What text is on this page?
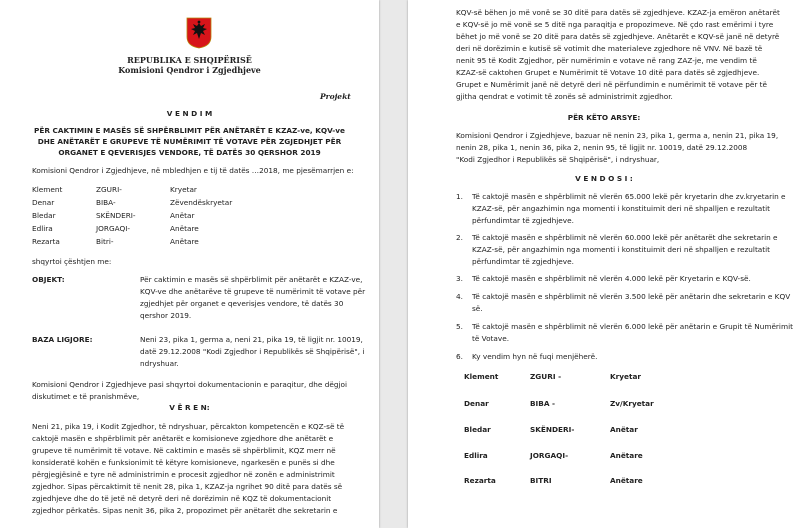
REPUBLIKA E SHQIPËRISË
Komisioni Qendror i Zgjedhjeve
Projekt
V E N D I M
PËR CAKTIMIN E MASËS SË SHPËRBLIMIT PËR ANËTARËT E KZAZ-ve, KQV-ve
DHE ANËTARËT E GRUPEVE TË NUMËRIMIT TË VOTAVE PËR ZGJEDHJET PËR
ORGANET E QEVERISJES VENDORE, TË DATËS 30 QERSHOR 2019
Komisioni Qendror i Zgjedhjeve, në mbledhjen e tij të datës …2018, me pjesëmarrjen e:
Klement	ZGURI-	Kryetar
Denar	BIBA-	Zëvendëskryetar
Bledar	SKËNDERI-	Anëtar
Edlira	JORGAQI-	Anëtare
Rezarta	Bitri-	Anëtare
shqyrtoi çështjen me:
OBJEKT:	Për caktimin e masës së shpërblimit për anëtarët e KZAZ-ve,
KQV-ve dhe anëtarëve të grupeve të numërimit të votave për
zgjedhjet për organet e qeverisjes vendore, të datës 30
qershor 2019.
BAZA LIGJORE:	Neni 23, pika 1, germa a, neni 21, pika 19, të ligjit nr. 10019,
datë 29.12.2008 "Kodi Zgjedhor i Republikës së Shqipërisë", i
ndryshuar.
Komisioni Qendror i Zgjedhjeve pasi shqyrtoi dokumentacionin e paraqitur, dhe dëgjoi
diskutimet e të pranishmëve,
V Ë R E N:
Neni 21, pika 19, i Kodit Zgjedhor, të ndryshuar, përcakton kompetencën e KQZ-së të
caktojë masën e shpërblimit për anëtarët e komisioneve zgjedhore dhe anëtarët e
grupeve të numërimit të votave. Në caktimin e masës së shpërblimit, KQZ merr në
konsideratë kohën e funksionimit të këtyre komisioneve, ngarkesën e punës si dhe
përgjegjësinë e tyre në administrimin e procesit zgjedhor në zonën e administrimit
zgjedhor. Sipas përcaktimit të nenit 28, pika 1, KZAZ-ja ngrihet 90 ditë para datës së
zgjedhjeve dhe do të jetë në detyrë deri në dorëzimin në KQZ të dokumentacionit
zgjedhor përkatës. Sipas nenit 36, pika 2, propozimet për anëtarët dhe sekretarin e
KQV-së bëhen jo më vonë se 30 ditë para datës së zgjedhjeve. KZAZ-ja emëron anëtarët
e KQV-së jo më vonë se 5 ditë nga paraqitja e propozimeve. Në çdo rast emërimi i tyre
bëhet jo më vonë se 20 ditë para datës së zgjedhjeve. Anëtarët e KQV-së janë në detyrë
deri në dorëzimin e kutisë së votimit dhe materialeve zgjedhore në VNV. Në bazë të
nenit 95 të Kodit Zgjedhor, për numërimin e votave në rang ZAZ-je, me vendim të
KZAZ-së caktohen Grupet e Numërimit të Votave 10 ditë para datës së zgjedhjeve.
Grupet e Numërimit janë në detyrë deri në përfundimin e numërimit të votave për të
gjitha qendrat e votimit të zonës së administrimit zgjedhor.
PËR KËTO ARSYE:
Komisioni Qendror i Zgjedhjeve, bazuar në nenin 23, pika 1, germa a, nenin 21, pika 19,
nenin 28, pika 1, nenin 36, pika 2, nenin 95, të ligjit nr. 10019, datë 29.12.2008
"Kodi Zgjedhor i Republikës së Shqipërisë", i ndryshuar,
V E N D O S I :
1. Të caktojë masën e shpërblimit në vlerën 65.000 lekë për kryetarin dhe zv.kryetarin e
KZAZ-së, për angazhimin nga momenti i konstituimit deri në shpalljen e rezultatit
përfundimtar të zgjedhjeve.
2. Të caktojë masën e shpërblimit në vlerën 60.000 lekë për anëtarët dhe sekretarin e
KZAZ-së, për angazhimin nga momenti i konstituimit deri në shpalljen e rezultatit
përfundimtar të zgjedhjeve.
3. Të caktojë masën e shpërblimit në vlerën 4.000 lekë për Kryetarin e KQV-së.
4. Të caktojë masën e shpërblimit në vlerën 3.500 lekë për anëtarin dhe sekretarin e KQV
së.
5. Të caktojë masën e shpërblimit në vlerën 6.000 lekë për anëtarin e Grupit të Numërimit
të Votave.
6. Ky vendim hyn në fuqi menjëherë.
Klement	ZGURI -	Kryetar
Denar	BIBA -	Zv/Kryetar
Bledar	SKËNDERI-	Anëtar
Edlira	JORGAQI-	Anëtare
Rezarta	BITRI	Anëtare
